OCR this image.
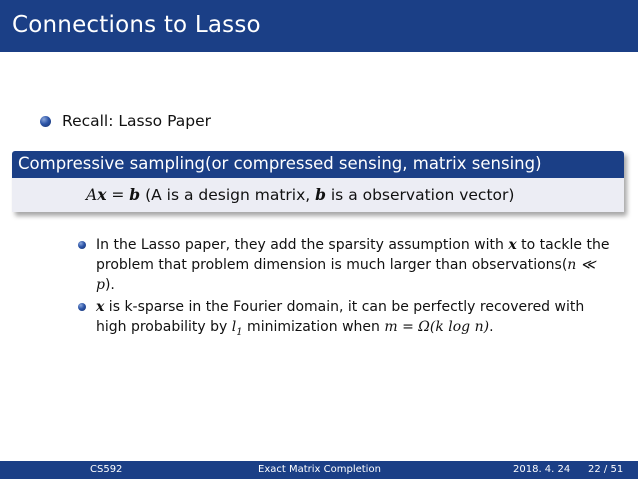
Connections to Lasso
Recall: Lasso Paper
Compressive sampling(or compressed sensing, matrix sensing)
Ax = b (A is a design matrix, b is a observation vector)
In the Lasso paper, they add the sparsity assumption with x to tackle the problem that problem dimension is much larger than observations(n ≪ p).
x is k-sparse in the Fourier domain, it can be perfectly recovered with high probability by $l_1$ minimization when m = Ω(k log n).
CS592	Exact Matrix Completion	2018. 4. 24 22 / 51
